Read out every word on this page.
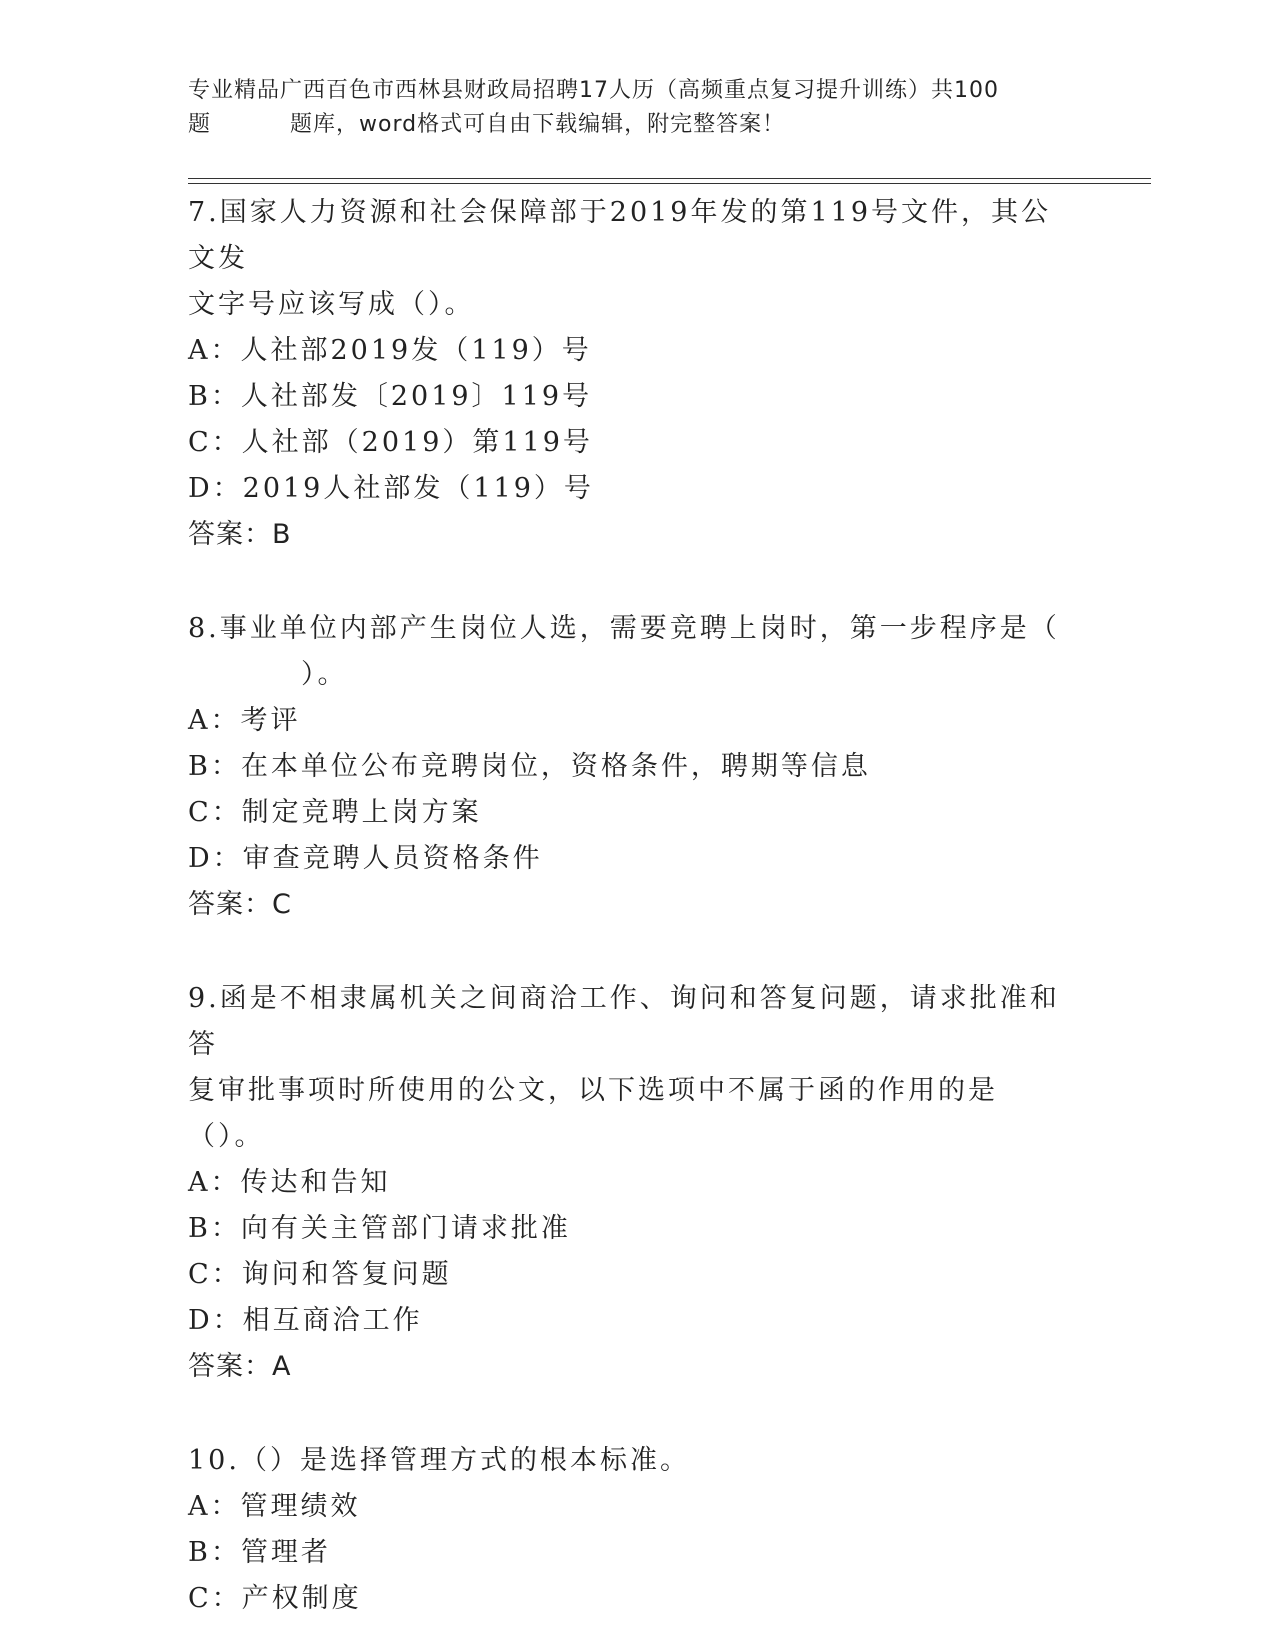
专业精品广西百色市西林县财政局招聘17人历（高频重点复习提升训练）共100
题	题库，word格式可自由下载编辑，附完整答案！
7.国家人力资源和社会保障部于2019年发的第119号文件，其公文发
文字号应该写成（）。
A：人社部2019发（119）号
B：人社部发〔2019〕119号
C：人社部（2019）第119号
D：2019人社部发（119）号
答案：B
8.事业单位内部产生岗位人选，需要竞聘上岗时，第一步程序是（
）。
A：考评
B：在本单位公布竞聘岗位，资格条件，聘期等信息
C：制定竞聘上岗方案
D：审查竞聘人员资格条件
答案：C
9.函是不相隶属机关之间商洽工作、询问和答复问题，请求批准和答
复审批事项时所使用的公文，以下选项中不属于函的作用的是（）。
A：传达和告知
B：向有关主管部门请求批准
C：询问和答复问题
D：相互商洽工作
答案：A
10.（）是选择管理方式的根本标准。
A：管理绩效
B：管理者
C：产权制度
